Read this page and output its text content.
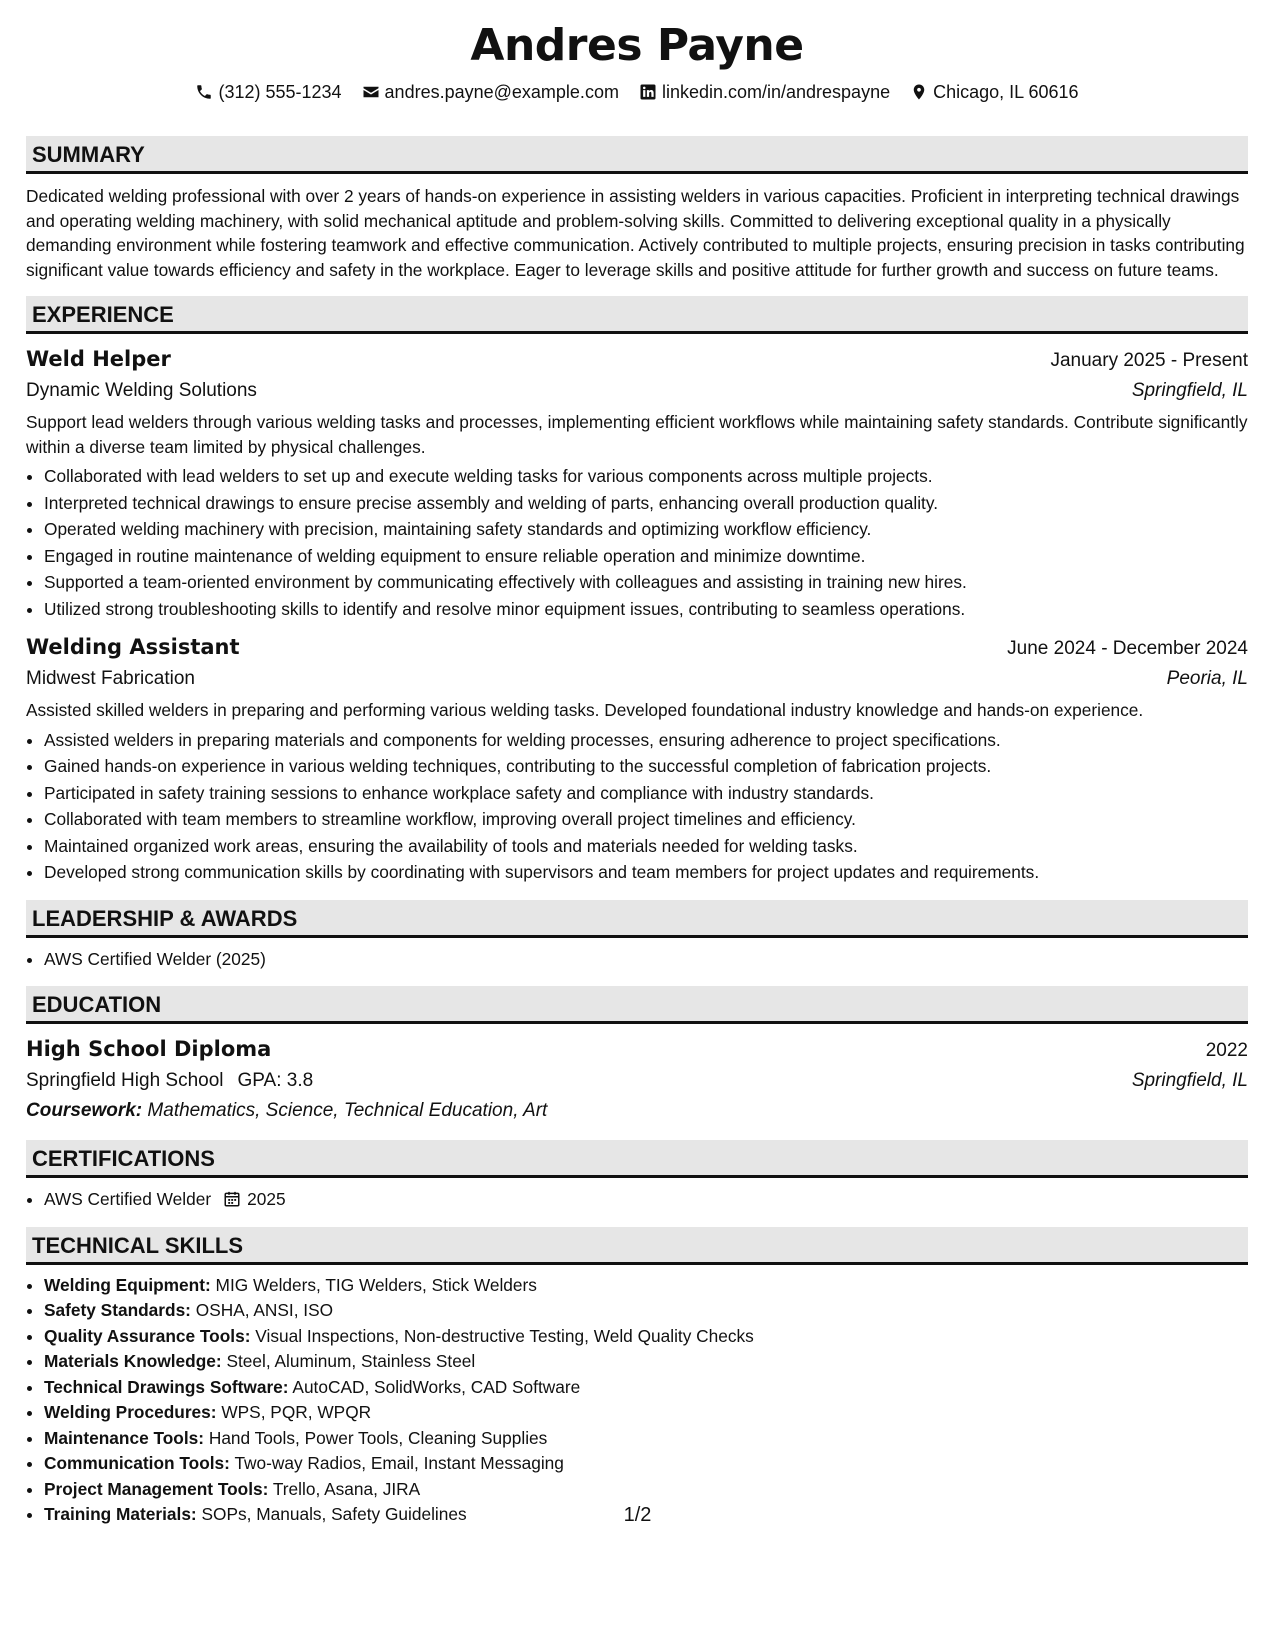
Andres Payne
(312) 555-1234 andres.payne@example.com linkedin.com/in/andrespayne Chicago, IL 60616
SUMMARY

Dedicated welding professional with over 2 years of hands-on experience in assisting welders in various capacities. Proficient in interpreting technical drawings and operating welding machinery, with solid mechanical aptitude and problem-solving skills. Committed to delivering exceptional quality in a physically demanding environment while fostering teamwork and effective communication. Actively contributed to multiple projects, ensuring precision in tasks contributing significant value towards efficiency and safety in the workplace. Eager to leverage skills and positive attitude for further growth and success on future teams.

EXPERIENCE
Weld Helper	January 2025 - Present
Dynamic Welding Solutions	Springfield, IL
Support lead welders through various welding tasks and processes, implementing efficient workflows while maintaining safety standards. Contribute significantly within a diverse team limited by physical challenges.
• Collaborated with lead welders to set up and execute welding tasks for various components across multiple projects.
• Interpreted technical drawings to ensure precise assembly and welding of parts, enhancing overall production quality.
• Operated welding machinery with precision, maintaining safety standards and optimizing workflow efficiency.
• Engaged in routine maintenance of welding equipment to ensure reliable operation and minimize downtime.
• Supported a team-oriented environment by communicating effectively with colleagues and assisting in training new hires.
• Utilized strong troubleshooting skills to identify and resolve minor equipment issues, contributing to seamless operations.
Welding Assistant	June 2024 - December 2024
Midwest Fabrication	Peoria, IL
Assisted skilled welders in preparing and performing various welding tasks. Developed foundational industry knowledge and hands-on experience.
• Assisted welders in preparing materials and components for welding processes, ensuring adherence to project specifications.
• Gained hands-on experience in various welding techniques, contributing to the successful completion of fabrication projects.
• Participated in safety training sessions to enhance workplace safety and compliance with industry standards.
• Collaborated with team members to streamline workflow, improving overall project timelines and efficiency.
• Maintained organized work areas, ensuring the availability of tools and materials needed for welding tasks.
• Developed strong communication skills by coordinating with supervisors and team members for project updates and requirements.
LEADERSHIP & AWARDS
• AWS Certified Welder (2025)
EDUCATION
High School Diploma	2022
Springfield High School GPA: 3.8	Springfield, IL
Coursework: Mathematics, Science, Technical Education, Art
CERTIFICATIONS
• AWS Certified Welder 2025
TECHNICAL SKILLS
• Welding Equipment: MIG Welders, TIG Welders, Stick Welders
• Safety Standards: OSHA, ANSI, ISO
• Quality Assurance Tools: Visual Inspections, Non-destructive Testing, Weld Quality Checks
• Materials Knowledge: Steel, Aluminum, Stainless Steel
• Technical Drawings Software: AutoCAD, SolidWorks, CAD Software
• Welding Procedures: WPS, PQR, WPQR
• Maintenance Tools: Hand Tools, Power Tools, Cleaning Supplies
• Communication Tools: Two-way Radios, Email, Instant Messaging
• Project Management Tools: Trello, Asana, JIRA
• Training Materials: SOPs, Manuals, Safety Guidelines	1/2
